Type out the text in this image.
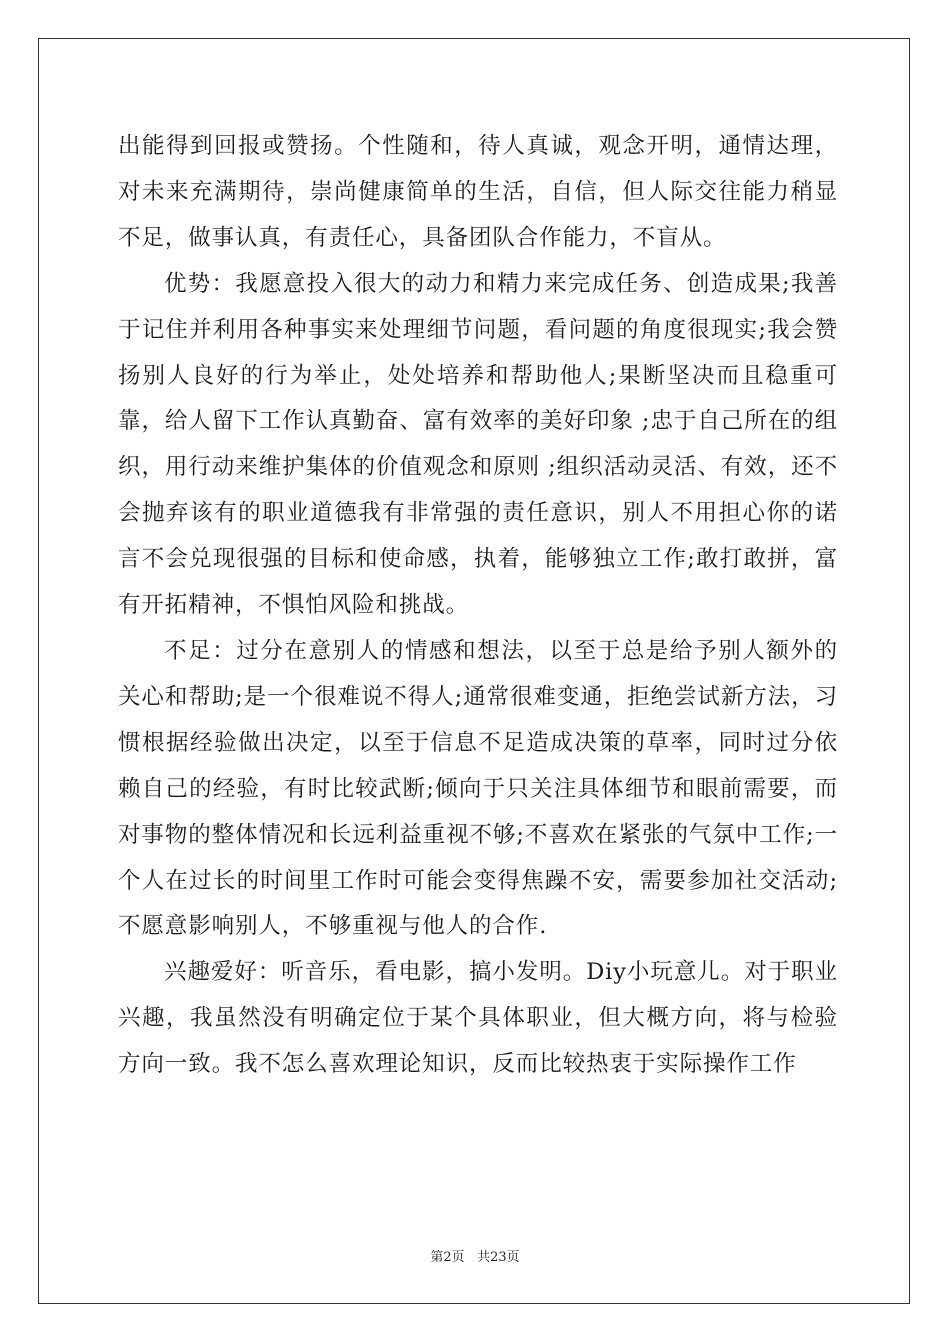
出能得到回报或赞扬。个性随和，待人真诚，观念开明，通情达理，对未来充满期待，崇尚健康简单的生活，自信，但人际交往能力稍显不足，做事认真，有责任心，具备团队合作能力，不盲从。

优势：我愿意投入很大的动力和精力来完成任务、创造成果;我善于记住并利用各种事实来处理细节问题，看问题的角度很现实;我会赞扬别人良好的行为举止，处处培养和帮助他人;果断坚决而且稳重可靠，给人留下工作认真勤奋、富有效率的美好印象 ;忠于自己所在的组织，用行动来维护集体的价值观念和原则 ;组织活动灵活、有效，还不会抛弃该有的职业道德我有非常强的责任意识，别人不用担心你的诺言不会兑现很强的目标和使命感，执着，能够独立工作;敢打敢拼，富有开拓精神，不惧怕风险和挑战。

不足：过分在意别人的情感和想法，以至于总是给予别人额外的关心和帮助;是一个很难说不得人;通常很难变通，拒绝尝试新方法，习惯根据经验做出决定，以至于信息不足造成决策的草率，同时过分依赖自己的经验，有时比较武断;倾向于只关注具体细节和眼前需要，而对事物的整体情况和长远利益重视不够;不喜欢在紧张的气氛中工作;一个人在过长的时间里工作时可能会变得焦躁不安，需要参加社交活动;不愿意影响别人，不够重视与他人的合作.

兴趣爱好：听音乐，看电影，搞小发明。Diy小玩意儿。对于职业兴趣，我虽然没有明确定位于某个具体职业，但大概方向，将与检验方向一致。我不怎么喜欢理论知识，反而比较热衷于实际操作工作

第2页 共23页
